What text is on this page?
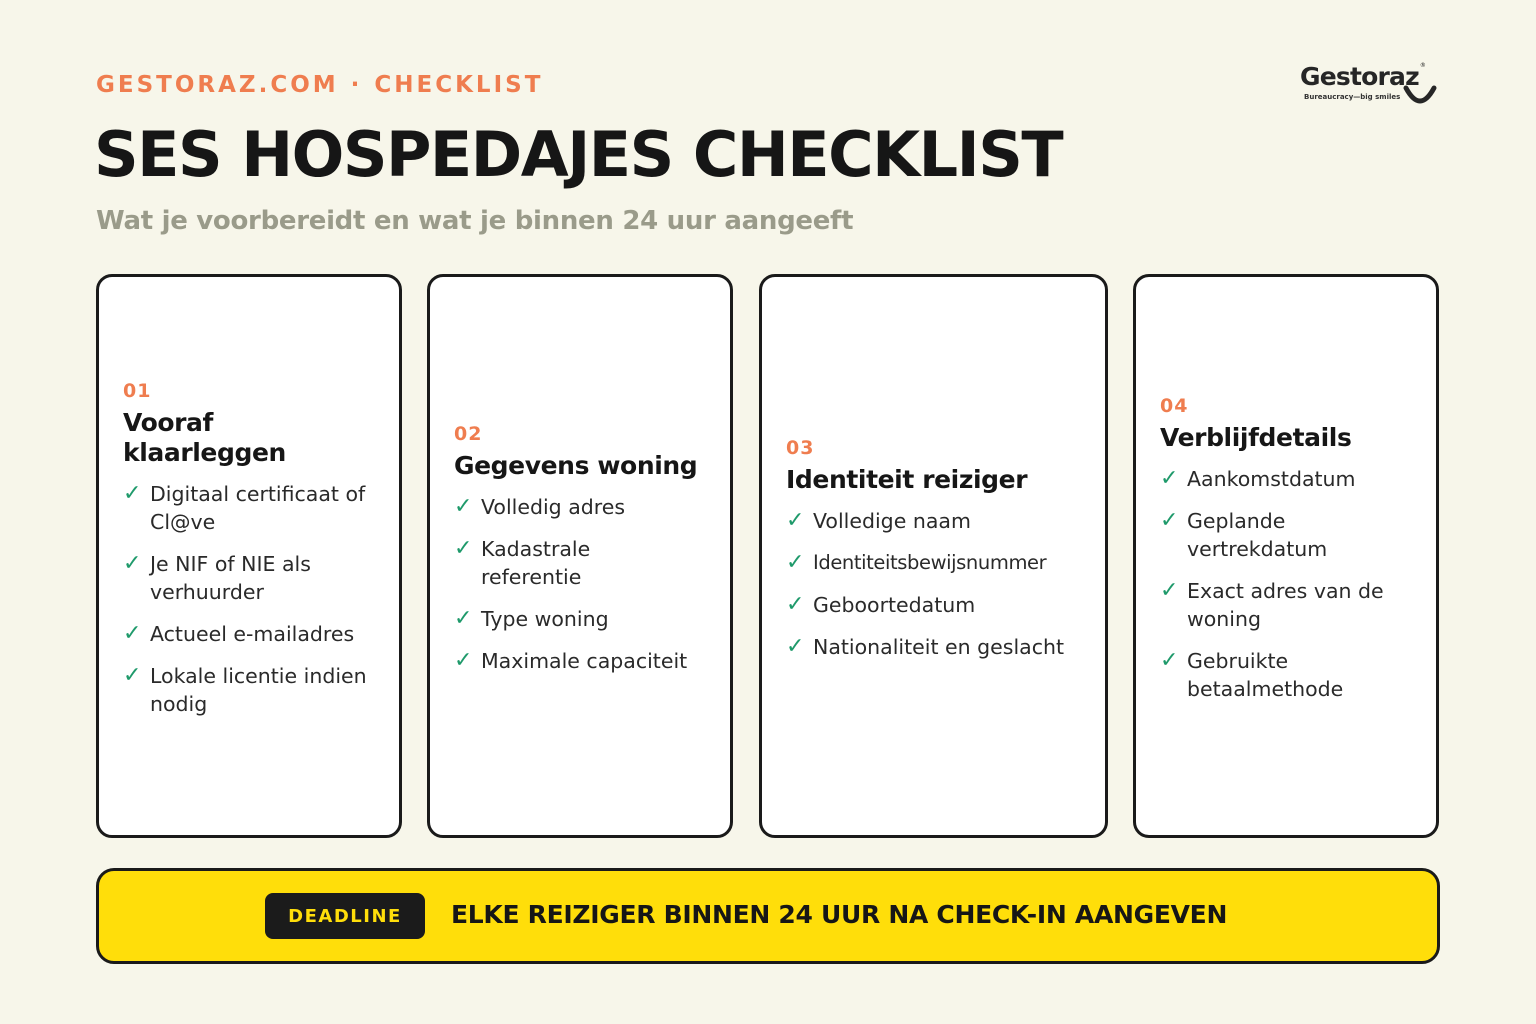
GESTORAZ.COM · CHECKLIST	Gestoraz®
Bureaucracy—big smiles
SES HOSPEDAJES CHECKLIST
Wat je voorbereidt en wat je binnen 24 uur aangeeft
01
Vooraf klaarleggen
✓ Digitaal certificaat of Cl@ve
✓ Je NIF of NIE als verhuurder
✓ Actueel e-mailadres
✓ Lokale licentie indien nodig
02
Gegevens woning
✓ Volledig adres
✓ Kadastrale referentie
✓ Type woning
✓ Maximale capaciteit
03
Identiteit reiziger
✓ Volledige naam
✓ Identiteitsbewijsnummer
✓ Geboortedatum
✓ Nationaliteit en geslacht
04
Verblijfdetails
✓ Aankomstdatum
✓ Geplande vertrekdatum
✓ Exact adres van de woning
✓ Gebruikte betaalmethode
DEADLINE	ELKE REIZIGER BINNEN 24 UUR NA CHECK-IN AANGEVEN
